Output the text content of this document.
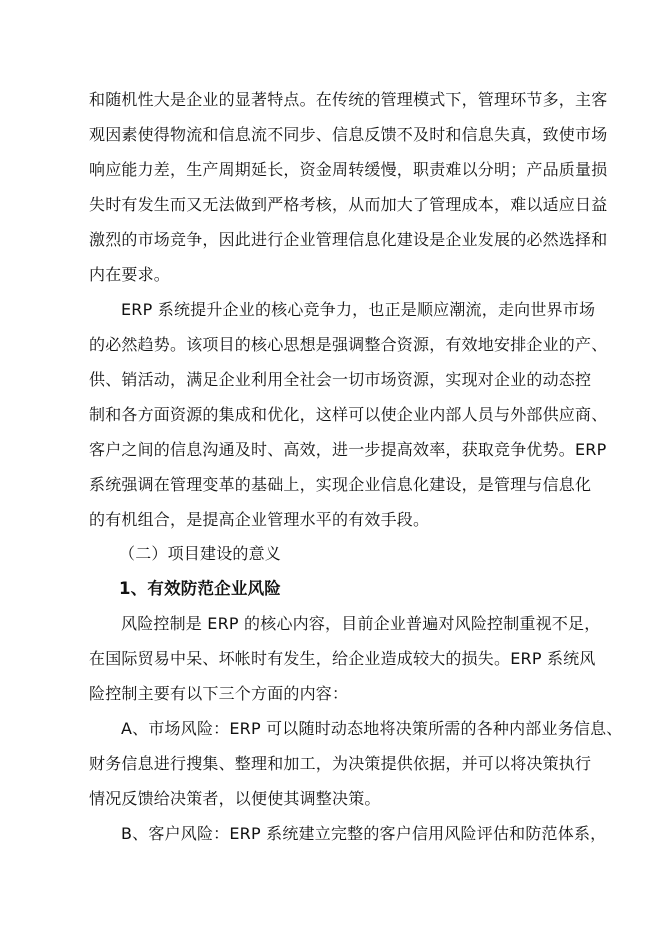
和随机性大是企业的显著特点。在传统的管理模式下，管理环节多，主客
观因素使得物流和信息流不同步、信息反馈不及时和信息失真，致使市场
响应能力差，生产周期延长，资金周转缓慢，职责难以分明；产品质量损
失时有发生而又无法做到严格考核，从而加大了管理成本，难以适应日益
激烈的市场竞争，因此进行企业管理信息化建设是企业发展的必然选择和
内在要求。
ERP 系统提升企业的核心竞争力，也正是顺应潮流，走向世界市场
的必然趋势。该项目的核心思想是强调整合资源，有效地安排企业的产、
供、销活动，满足企业利用全社会一切市场资源，实现对企业的动态控
制和各方面资源的集成和优化，这样可以使企业内部人员与外部供应商、
客户之间的信息沟通及时、高效，进一步提高效率，获取竞争优势。ERP
系统强调在管理变革的基础上，实现企业信息化建设，是管理与信息化
的有机组合，是提高企业管理水平的有效手段。
（二）项目建设的意义
1、有效防范企业风险
风险控制是 ERP 的核心内容，目前企业普遍对风险控制重视不足，
在国际贸易中呆、坏帐时有发生，给企业造成较大的损失。ERP 系统风
险控制主要有以下三个方面的内容：
A、市场风险：ERP 可以随时动态地将决策所需的各种内部业务信息、
财务信息进行搜集、整理和加工，为决策提供依据，并可以将决策执行
情况反馈给决策者，以便使其调整决策。
B、客户风险：ERP 系统建立完整的客户信用风险评估和防范体系，
